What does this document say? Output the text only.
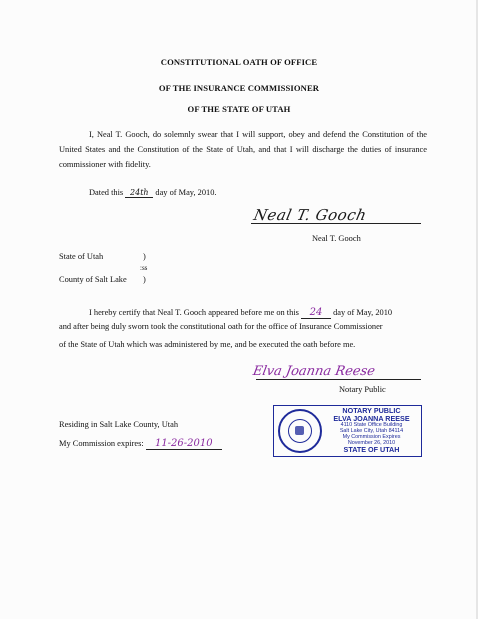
CONSTITUTIONAL OATH OF OFFICE
OF THE INSURANCE COMMISSIONER
OF THE STATE OF UTAH
I, Neal T. Gooch, do solemnly swear that I will support, obey and defend the Constitution of the United States and the Constitution of the State of Utah, and that I will discharge the duties of insurance commissioner with fidelity.
Dated this 24th day of May, 2010.
Neal T. Gooch
Neal T. Gooch
State of Utah	)
:ss
County of Salt Lake )
I hereby certify that Neal T. Gooch appeared before me on this 24 day of May, 2010
and after being duly sworn took the constitutional oath for the office of Insurance Commissioner
of the State of Utah which was administered by me, and be executed the oath before me.
Elva Joanna Reese
Notary Public
Residing in Salt Lake County, Utah
My Commission expires: 11-26-2010
NOTARY PUBLIC
ELVA JOANNA REESE
4110 State Office Building
Salt Lake City, Utah 84114
My Commission Expires
November 26, 2010
STATE OF UTAH
